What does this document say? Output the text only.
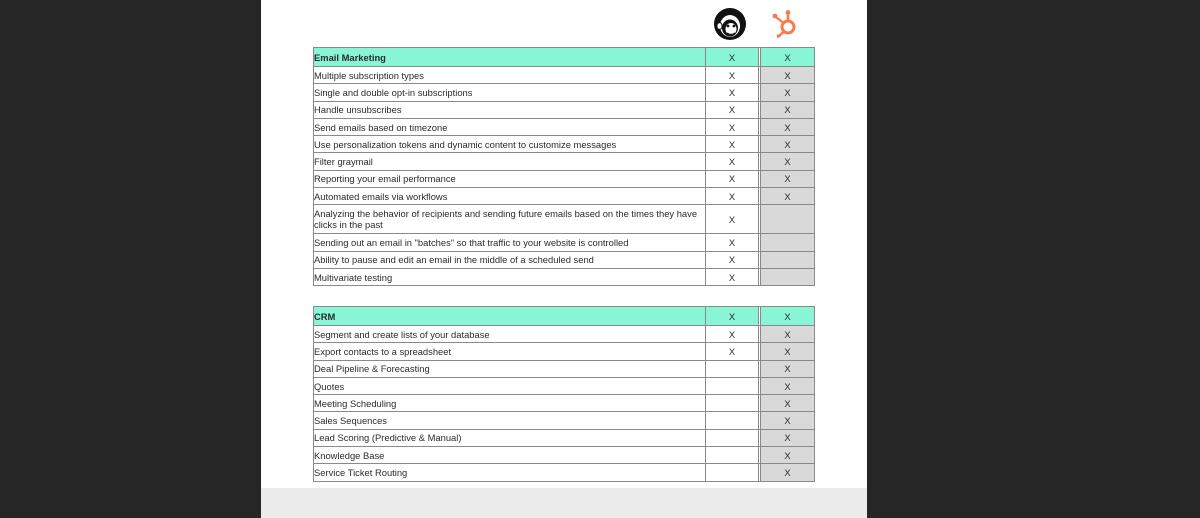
Email Marketing	X		X
Multiple subscription types	X		X
Single and double opt-in subscriptions	X		X
Handle unsubscribes	X		X
Send emails based on timezone	X		X
Use personalization tokens and dynamic content to customize messages	X		X
Filter graymail	X		X
Reporting your email performance	X		X
Automated emails via workflows	X		X
Analyzing the behavior of recipients and sending future emails based on the times they have clicks in the past	X		
Sending out an email in "batches" so that traffic to your website is controlled	X		
Ability to pause and edit an email in the middle of a scheduled send	X		
Multivariate testing	X		
CRM	X		X
Segment and create lists of your database	X		X
Export contacts to a spreadsheet	X		X
Deal Pipeline & Forecasting			X
Quotes			X
Meeting Scheduling			X
Sales Sequences			X
Lead Scoring (Predictive & Manual)			X
Knowledge Base			X
Service Ticket Routing			X
